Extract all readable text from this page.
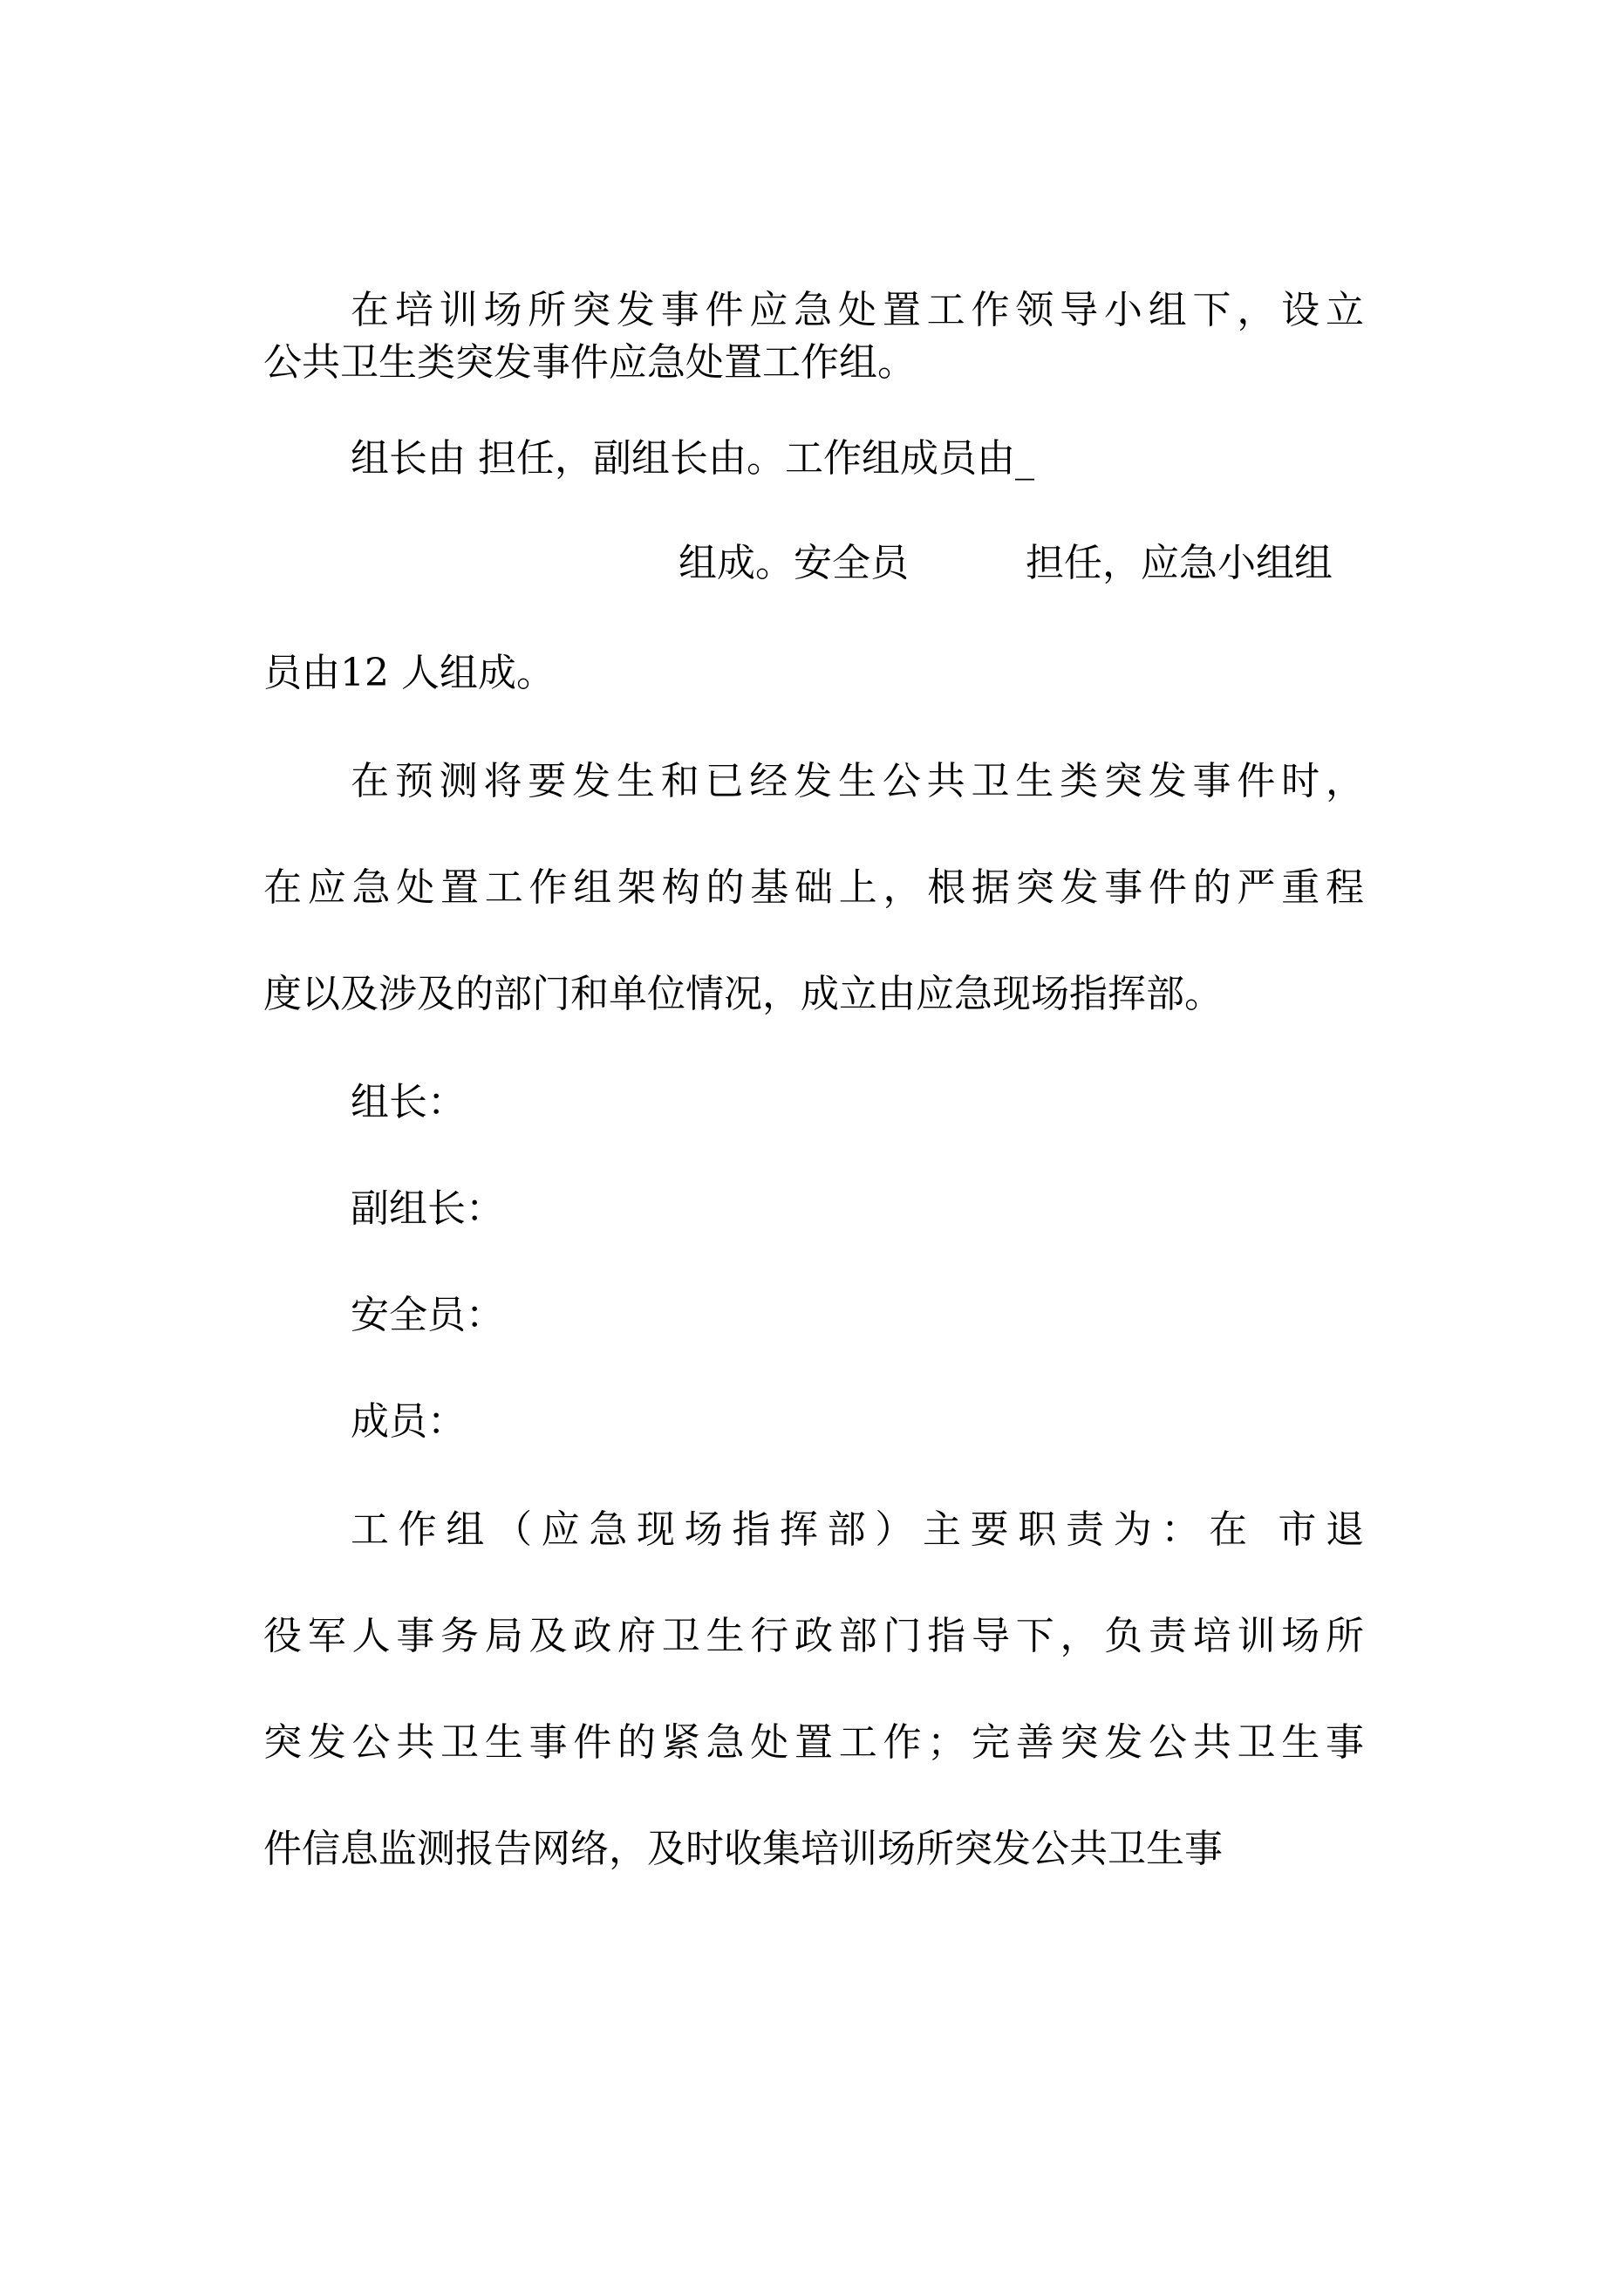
在培训场所突发事件应急处置工作领导小组下，设立

公共卫生类突发事件应急处置工作组。

组长由 担任，副组长由。工作组成员由_

组成。安全员	担任，应急小组组

员由12 人组成。

在预测将要发生和已经发生公共卫生类突发事件时，

在应急处置工作组架构的基础上，根据突发事件的严重程

度以及涉及的部门和单位情况，成立由应急现场指挥部。

组长：

副组长：

安全员：

成员：

工作组（应急现场指挥部）主要职责为：在 市退

役军人事务局及政府卫生行政部门指导下，负责培训场所

突发公共卫生事件的紧急处置工作；完善突发公共卫生事

件信息监测报告网络，及时收集培训场所突发公共卫生事
